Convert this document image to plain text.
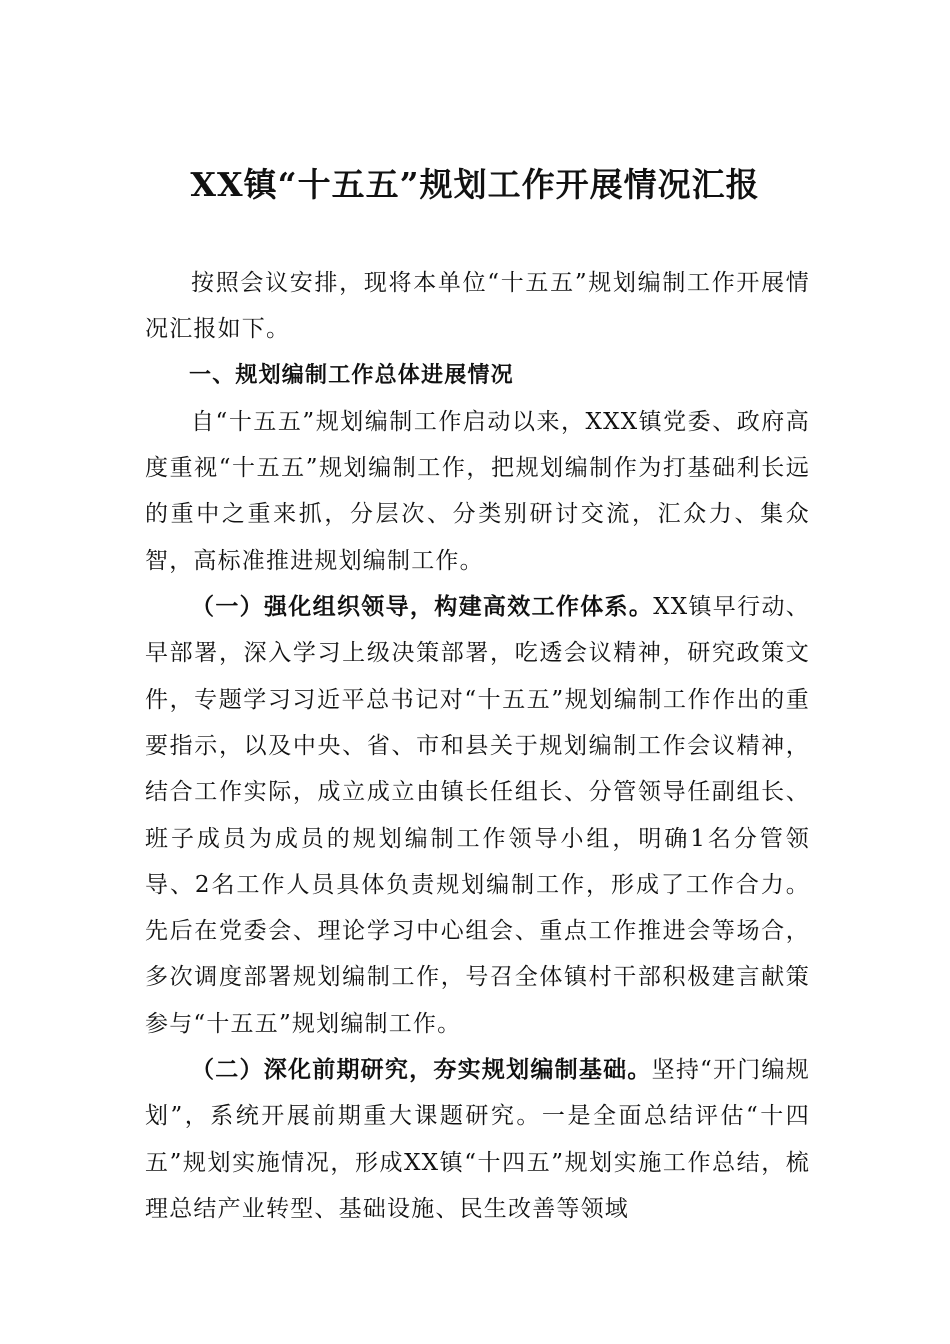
XX镇“十五五”规划工作开展情况汇报

按照会议安排，现将本单位“十五五”规划编制工作开展情况汇报如下。

一、规划编制工作总体进展情况

自“十五五”规划编制工作启动以来，XXX镇党委、政府高度重视“十五五”规划编制工作，把规划编制作为打基础利长远的重中之重来抓，分层次、分类别研讨交流，汇众力、集众智，高标准推进规划编制工作。

（一）强化组织领导，构建高效工作体系。XX镇早行动、早部署，深入学习上级决策部署，吃透会议精神，研究政策文件，专题学习习近平总书记对“十五五”规划编制工作作出的重要指示，以及中央、省、市和县关于规划编制工作会议精神，结合工作实际，成立成立由镇长任组长、分管领导任副组长、班子成员为成员的规划编制工作领导小组，明确1名分管领导、2名工作人员具体负责规划编制工作，形成了工作合力。先后在党委会、理论学习中心组会、重点工作推进会等场合，多次调度部署规划编制工作，号召全体镇村干部积极建言献策参与“十五五”规划编制工作。

（二）深化前期研究，夯实规划编制基础。坚持“开门编规划”，系统开展前期重大课题研究。一是全面总结评估“十四五”规划实施情况，形成XX镇“十四五”规划实施工作总结，梳理总结产业转型、基础设施、民生改善等领域
